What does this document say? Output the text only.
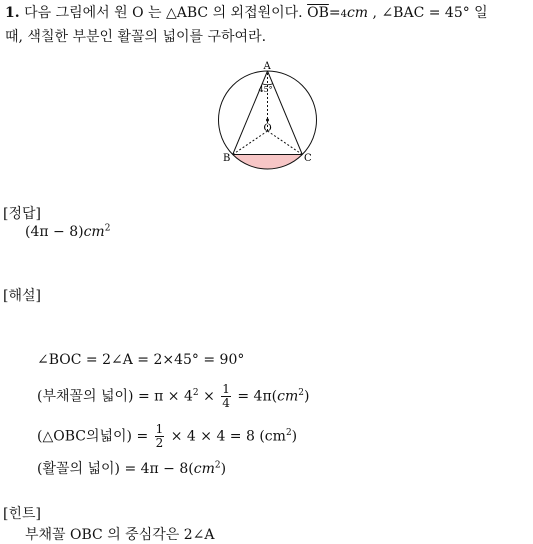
1. 다음 그림에서 원 O 는 △ABC 의 외접원이다. $\overline{OB}=4cm$ , ∠BAC = 45° 일
때, 색칠한 부분인 활꼴의 넓이를 구하여라.
A
B	C
O
45°
[정답]
$(4\pi - 8)cm^2$
[해설]
∠BOC = 2∠A = 2×45° = 90°
(부채꼴의 넓이) = $\pi \times 4^2 \times \frac{1}{4} = 4\pi(cm^2)$
(△OBC의넓이) = $\frac{1}{2} \times 4 \times 4 = 8$ $(cm^2)$
(활꼴의 넓이) = $4\pi - 8(cm^2)$
[힌트]
부채꼴 OBC 의 중심각은 2∠A
